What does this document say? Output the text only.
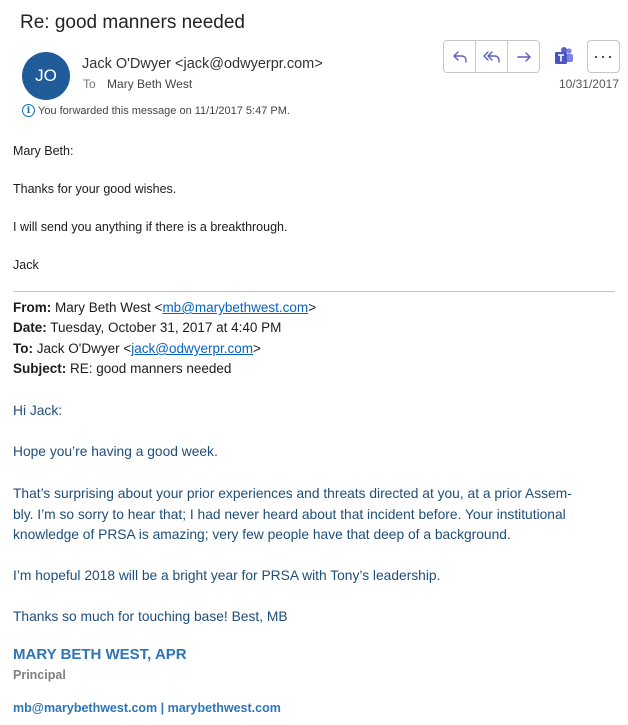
Re: good manners needed
JO
Jack O'Dwyer <jack@odwyerpr.com>
To Mary Beth West	10/31/2017
···
i You forwarded this message on 11/1/2017 5:47 PM.
Mary Beth:
Thanks for your good wishes.
I will send you anything if there is a breakthrough.
Jack
From: Mary Beth West <mb@marybethwest.com>
Date: Tuesday, October 31, 2017 at 4:40 PM
To: Jack O'Dwyer <jack@odwyerpr.com>
Subject: RE: good manners needed
Hi Jack:
Hope you’re having a good week.
That’s surprising about your prior experiences and threats directed at you, at a prior Assem-
bly. I’m so sorry to hear that; I had never heard about that incident before. Your institutional
knowledge of PRSA is amazing; very few people have that deep of a background.
I’m hopeful 2018 will be a bright year for PRSA with Tony’s leadership.
Thanks so much for touching base! Best, MB
MARY BETH WEST, APR
Principal
mb@marybethwest.com | marybethwest.com
